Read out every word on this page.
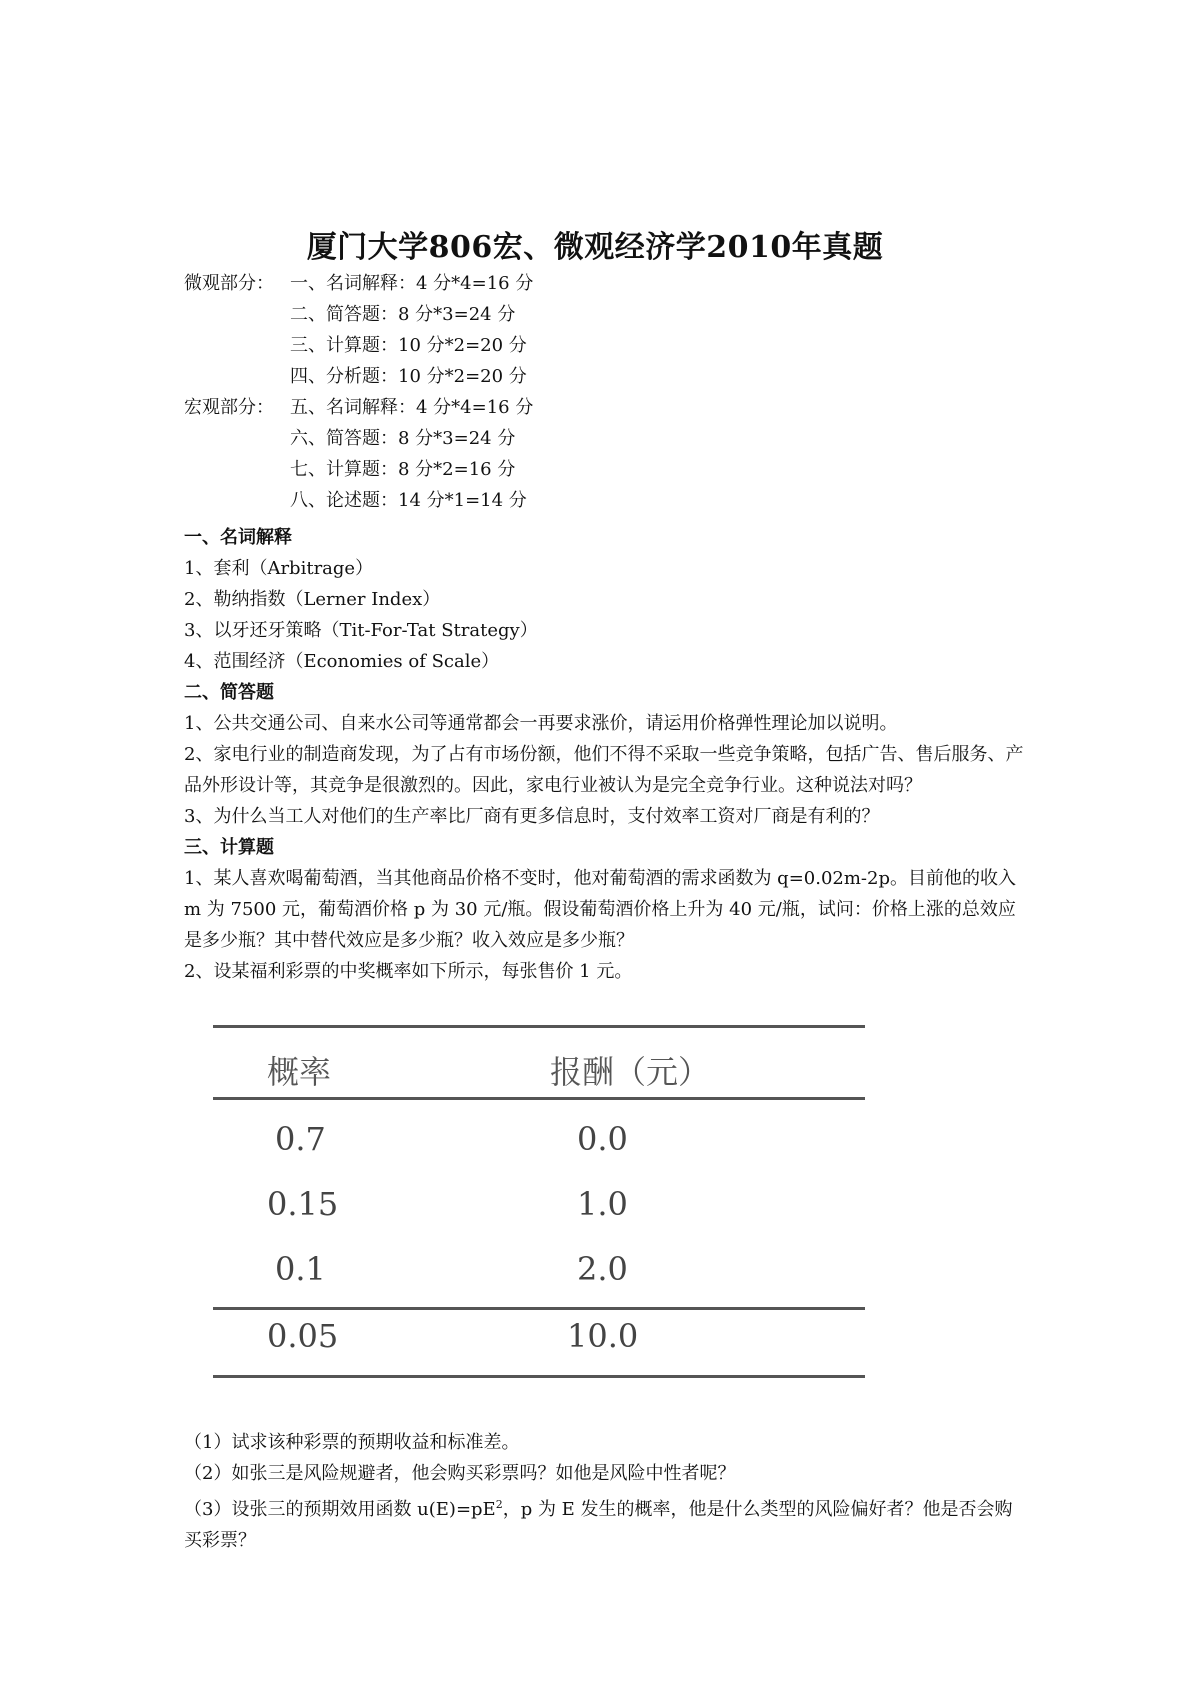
厦门大学806宏、微观经济学2010年真题
微观部分： 一、名词解释：4 分*4=16 分
二、简答题：8 分*3=24 分
三、计算题：10 分*2=20 分
四、分析题：10 分*2=20 分
宏观部分： 五、名词解释：4 分*4=16 分
六、简答题：8 分*3=24 分
七、计算题：8 分*2=16 分
八、论述题：14 分*1=14 分

一、名词解释

1、套利（Arbitrage）

2、勒纳指数（Lerner Index）

3、以牙还牙策略（Tit-For-Tat Strategy）

4、范围经济（Economies of Scale）

二、简答题

1、公共交通公司、自来水公司等通常都会一再要求涨价，请运用价格弹性理论加以说明。

2、家电行业的制造商发现，为了占有市场份额，他们不得不采取一些竞争策略，包括广告、售后服务、产品外形设计等，其竞争是很激烈的。因此，家电行业被认为是完全竞争行业。这种说法对吗？

3、为什么当工人对他们的生产率比厂商有更多信息时，支付效率工资对厂商是有利的？

三、计算题

1、某人喜欢喝葡萄酒，当其他商品价格不变时，他对葡萄酒的需求函数为 q=0.02m-2p。目前他的收入 m 为 7500 元，葡萄酒价格 p 为 30 元/瓶。假设葡萄酒价格上升为 40 元/瓶，试问：价格上涨的总效应是多少瓶？其中替代效应是多少瓶？收入效应是多少瓶？

2、设某福利彩票的中奖概率如下所示，每张售价 1 元。

概率	报酬（元）
0.7	0.0
0.15	1.0
0.1	2.0
0.05	10.0

（1）试求该种彩票的预期收益和标准差。

（2）如张三是风险规避者，他会购买彩票吗？如他是风险中性者呢？

（3）设张三的预期效用函数 $u(E)=pE^2$，p 为 E 发生的概率，他是什么类型的风险偏好者？他是否会购买彩票？
